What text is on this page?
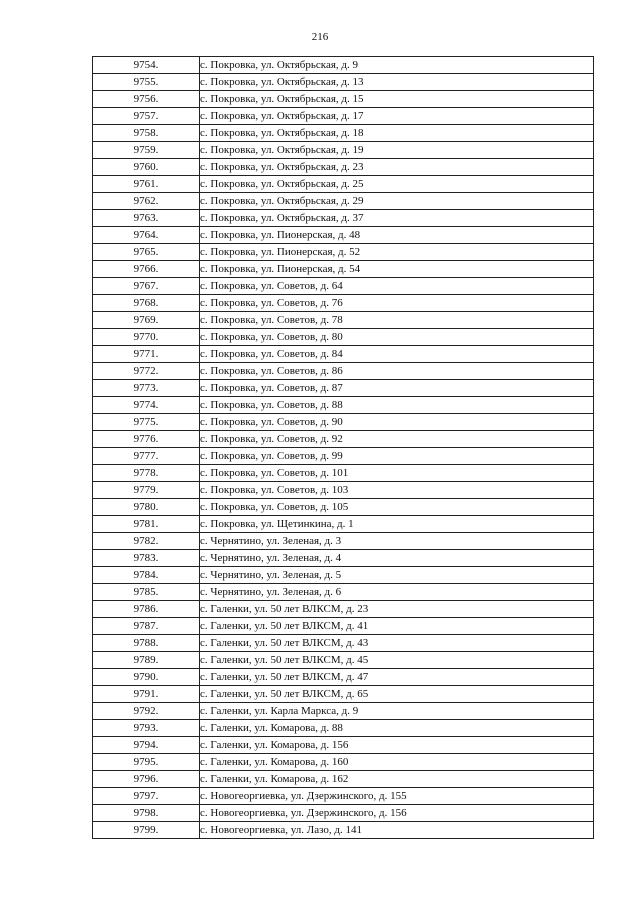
216
9754.	с. Покровка, ул. Октябрьская, д. 9
9755.	с. Покровка, ул. Октябрьская, д. 13
9756.	с. Покровка, ул. Октябрьская, д. 15
9757.	с. Покровка, ул. Октябрьская, д. 17
9758.	с. Покровка, ул. Октябрьская, д. 18
9759.	с. Покровка, ул. Октябрьская, д. 19
9760.	с. Покровка, ул. Октябрьская, д. 23
9761.	с. Покровка, ул. Октябрьская, д. 25
9762.	с. Покровка, ул. Октябрьская, д. 29
9763.	с. Покровка, ул. Октябрьская, д. 37
9764.	с. Покровка, ул. Пионерская, д. 48
9765.	с. Покровка, ул. Пионерская, д. 52
9766.	с. Покровка, ул. Пионерская, д. 54
9767.	с. Покровка, ул. Советов, д. 64
9768.	с. Покровка, ул. Советов, д. 76
9769.	с. Покровка, ул. Советов, д. 78
9770.	с. Покровка, ул. Советов, д. 80
9771.	с. Покровка, ул. Советов, д. 84
9772.	с. Покровка, ул. Советов, д. 86
9773.	с. Покровка, ул. Советов, д. 87
9774.	с. Покровка, ул. Советов, д. 88
9775.	с. Покровка, ул. Советов, д. 90
9776.	с. Покровка, ул. Советов, д. 92
9777.	с. Покровка, ул. Советов, д. 99
9778.	с. Покровка, ул. Советов, д. 101
9779.	с. Покровка, ул. Советов, д. 103
9780.	с. Покровка, ул. Советов, д. 105
9781.	с. Покровка, ул. Щетинкина, д. 1
9782.	с. Чернятино, ул. Зеленая, д. 3
9783.	с. Чернятино, ул. Зеленая, д. 4
9784.	с. Чернятино, ул. Зеленая, д. 5
9785.	с. Чернятино, ул. Зеленая, д. 6
9786.	с. Галенки, ул. 50 лет ВЛКСМ, д. 23
9787.	с. Галенки, ул. 50 лет ВЛКСМ, д. 41
9788.	с. Галенки, ул. 50 лет ВЛКСМ, д. 43
9789.	с. Галенки, ул. 50 лет ВЛКСМ, д. 45
9790.	с. Галенки, ул. 50 лет ВЛКСМ, д. 47
9791.	с. Галенки, ул. 50 лет ВЛКСМ, д. 65
9792.	с. Галенки, ул. Карла Маркса, д. 9
9793.	с. Галенки, ул. Комарова, д. 88
9794.	с. Галенки, ул. Комарова, д. 156
9795.	с. Галенки, ул. Комарова, д. 160
9796.	с. Галенки, ул. Комарова, д. 162
9797.	с. Новогеоргиевка, ул. Дзержинского, д. 155
9798.	с. Новогеоргиевка, ул. Дзержинского, д. 156
9799.	с. Новогеоргиевка, ул. Лазо, д. 141
